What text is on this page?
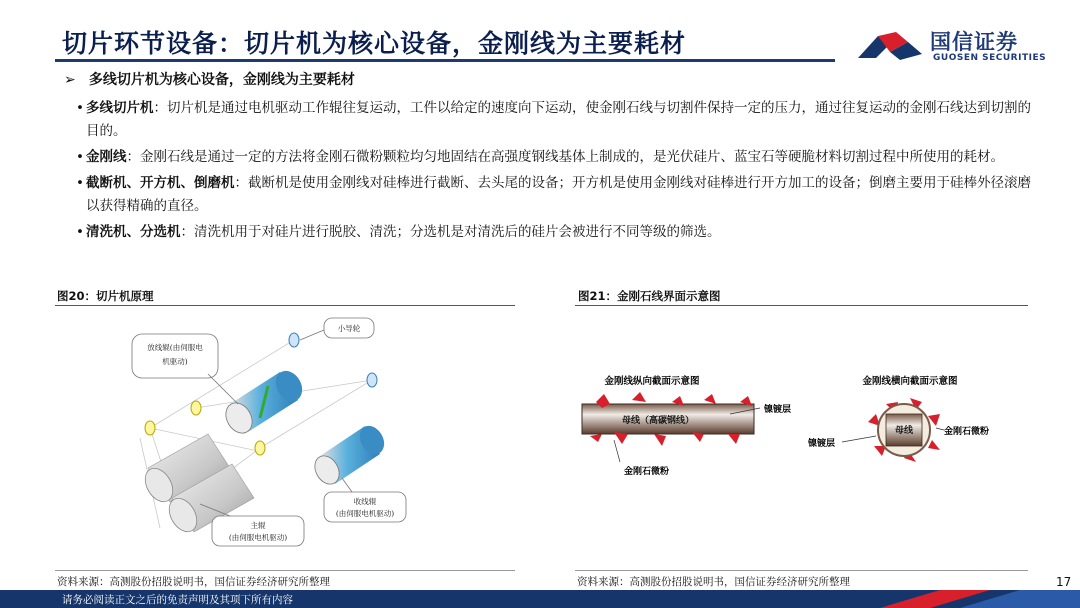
切片环节设备：切片机为核心设备，金刚线为主要耗材	国信证券
GUOSEN SECURITIES
➢ 多线切片机为核心设备，金刚线为主要耗材
• 多线切片机：切片机是通过电机驱动工作辊往复运动，工件以给定的速度向下运动，使金刚石线与切割件保持一定的压力，通过往复运动的金刚石线达到切割的目的。
• 金刚线：金刚石线是通过一定的方法将金刚石微粉颗粒均匀地固结在高强度钢线基体上制成的，是光伏硅片、蓝宝石等硬脆材料切割过程中所使用的耗材。
• 截断机、开方机、倒磨机：截断机是使用金刚线对硅棒进行截断、去头尾的设备；开方机是使用金刚线对硅棒进行开方加工的设备；倒磨主要用于硅棒外径滚磨以获得精确的直径。
• 清洗机、分选机：清洗机用于对硅片进行脱胶、清洗；分选机是对清洗后的硅片会被进行不同等级的筛选。
图20：切片机原理
放线辊(由伺服电
机驱动)
小导轮
收线辊
(由伺服电机驱动)
主辊
(由伺服电机驱动)
资料来源：高测股份招股说明书，国信证券经济研究所整理
图21：金刚石线界面示意图
金刚线纵向截面示意图	金刚线横向截面示意图
母线（高碳钢线）
镍镀层
金刚石微粉
母线
镍镀层
金刚石微粉
资料来源：高测股份招股说明书，国信证券经济研究所整理	17
请务必阅读正文之后的免责声明及其项下所有内容
